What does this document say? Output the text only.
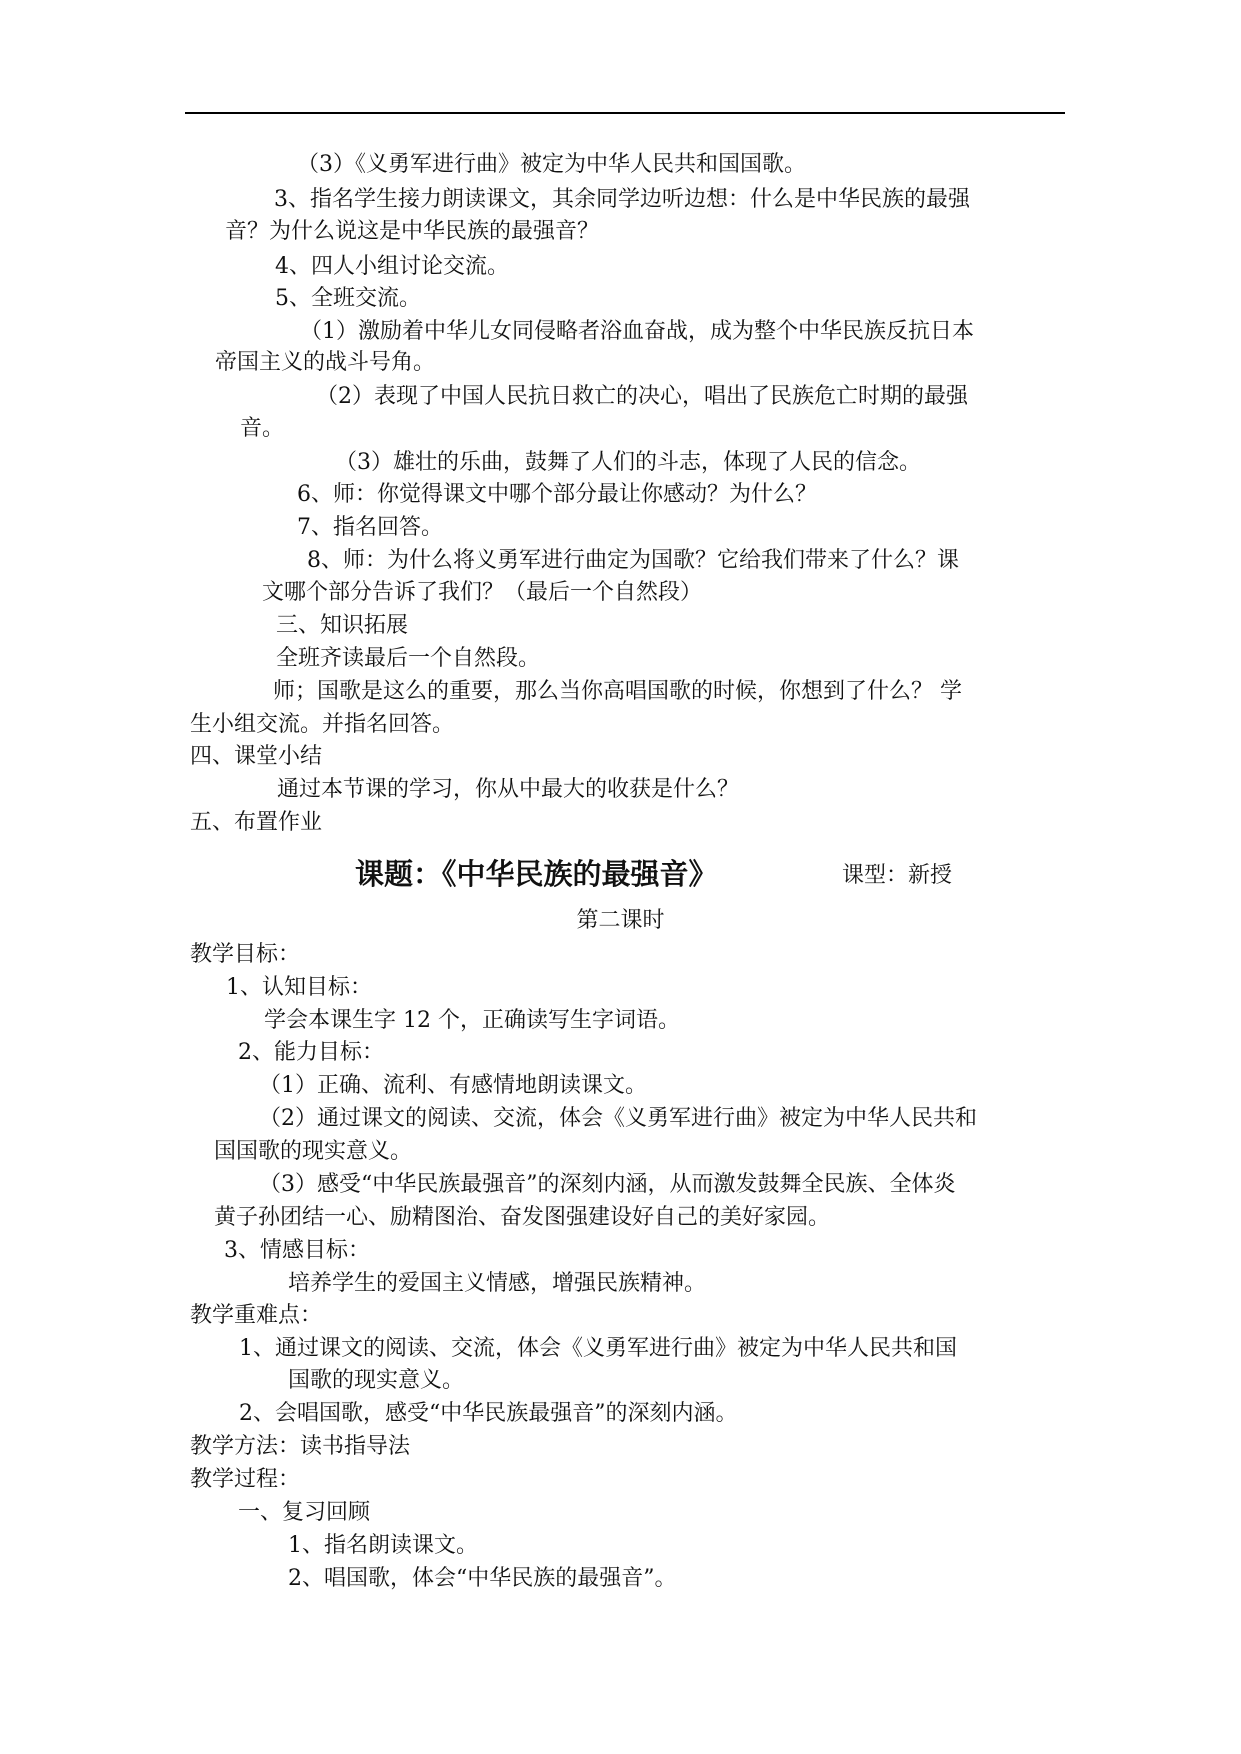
（3）《义勇军进行曲》被定为中华人民共和国国歌。
3、指名学生接力朗读课文，其余同学边听边想：什么是中华民族的最强
音？为什么说这是中华民族的最强音？
4、四人小组讨论交流。
5、全班交流。
（1）激励着中华儿女同侵略者浴血奋战，成为整个中华民族反抗日本
帝国主义的战斗号角。
（2）表现了中国人民抗日救亡的决心，唱出了民族危亡时期的最强
音。
（3）雄壮的乐曲，鼓舞了人们的斗志，体现了人民的信念。
6、师：你觉得课文中哪个部分最让你感动？为什么？
7、指名回答。
8、师：为什么将义勇军进行曲定为国歌？它给我们带来了什么？课
文哪个部分告诉了我们？（最后一个自然段）
三、知识拓展
全班齐读最后一个自然段。
师；国歌是这么的重要，那么当你高唱国歌的时候，你想到了什么？ 学
生小组交流。并指名回答。
四、课堂小结
通过本节课的学习，你从中最大的收获是什么？
五、布置作业
课题：《中华民族的最强音》	课型：新授
第二课时
教学目标：
1、认知目标：
学会本课生字 12 个，正确读写生字词语。
2、能力目标：
（1）正确、流利、有感情地朗读课文。
（2）通过课文的阅读、交流，体会《义勇军进行曲》被定为中华人民共和
国国歌的现实意义。
（3）感受“中华民族最强音”的深刻内涵，从而激发鼓舞全民族、全体炎
黄子孙团结一心、励精图治、奋发图强建设好自己的美好家园。
3、情感目标：
培养学生的爱国主义情感，增强民族精神。
教学重难点：
1、通过课文的阅读、交流，体会《义勇军进行曲》被定为中华人民共和国
国歌的现实意义。
2、会唱国歌，感受“中华民族最强音”的深刻内涵。
教学方法：读书指导法
教学过程：
一、复习回顾
1、指名朗读课文。
2、唱国歌，体会“中华民族的最强音”。
